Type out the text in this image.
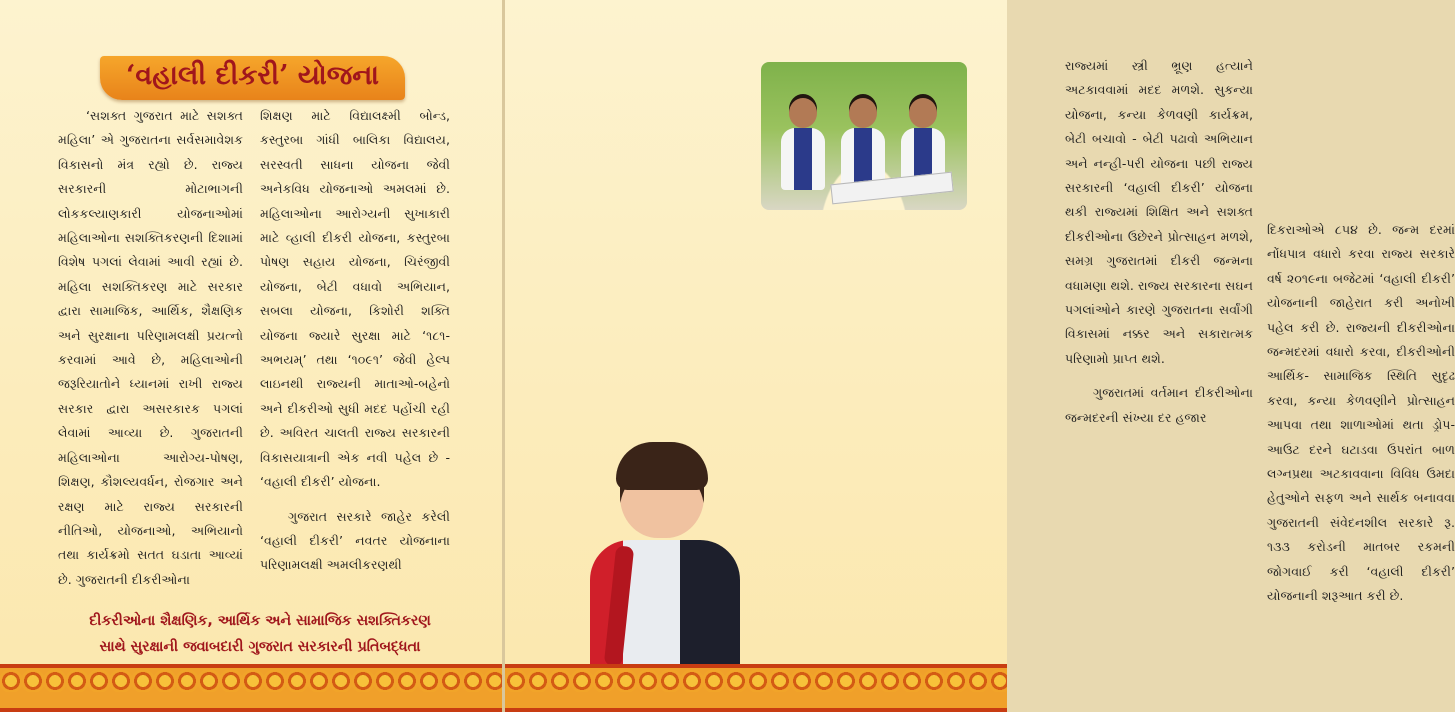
‘વહાલી દીકરી’ યોજના

‘સશક્ત ગુજરાત માટે સશક્ત મહિલા’ એ ગુજરાતના સર્વસમાવેશક વિકાસનો મંત્ર રહ્યો છે. રાજ્ય સરકારની મોટાભાગની લોકકલ્યાણકારી યોજનાઓમાં મહિલાઓના સશક્તિકરણની દિશામાં વિશેષ પગલાં લેવામાં આવી રહ્યાં છે. મહિલા સશક્તિકરણ માટે સરકાર દ્વારા સામાજિક, આર્થિક, શૈક્ષણિક અને સુરક્ષાના પરિણામલક્ષી પ્રયત્નો કરવામાં આવે છે, મહિલાઓની જરૂરિયાતોને ધ્યાનમાં રાખી રાજ્ય સરકાર દ્વારા અસરકારક પગલાં લેવામાં આવ્યા છે. ગુજરાતની મહિલાઓના આરોગ્ય-પોષણ, શિક્ષણ, કૌશલ્યવર્ધન, રોજગાર અને રક્ષણ માટે રાજ્ય સરકારની નીતિઓ, યોજનાઓ, અભિયાનો તથા કાર્યક્રમો સતત ઘડાતા આવ્યાં છે. ગુજરાતની દીકરીઓના

શિક્ષણ માટે વિદ્યાલક્ષ્મી બોન્ડ, કસ્તુરબા ગાંધી બાલિકા વિદ્યાલય, સરસ્વતી સાધના યોજના જેવી અનેકવિધ યોજનાઓ અમલમાં છે. મહિલાઓના આરોગ્યની સુખાકારી માટે વ્હાલી દીકરી યોજના, કસ્તુરબા પોષણ સહાય યોજના, ચિરંજીવી યોજના, બેટી વધાવો અભિયાન, સબલા યોજના, કિશોરી શક્તિ યોજના જ્યારે સુરક્ષા માટે ‘૧૮૧-અભયમ્’ તથા ‘૧૦૯૧’ જેવી હેલ્પ લાઇનથી રાજ્યની માતાઓ-બહેનો અને દીકરીઓ સુધી મદદ પહોંચી રહી છે. અવિરત ચાલતી રાજ્ય સરકારની વિકાસયાત્રાની એક નવી પહેલ છે - ‘વહાલી દીકરી’ યોજના.

ગુજરાત સરકારે જાહેર કરેલી ‘વહાલી દીકરી’ નવતર યોજનાના પરિણામલક્ષી અમલીકરણથી

દીકરીઓના શૈક્ષણિક, આર્થિક અને સામાજિક સશક્તિકરણ
સાથે સુરક્ષાની જવાબદારી ગુજરાત સરકારની પ્રતિબદ્ધતા

રાજ્યમાં સ્ત્રી ભ્રૂણ હત્યાને અટકાવવામાં મદદ મળશે. સુકન્યા યોજના, કન્યા કેળવણી કાર્યક્રમ, બેટી બચાવો - બેટી પઢાવો અભિયાન અને નન્હી-પરી યોજના પછી રાજ્ય સરકારની ‘વહાલી દીકરી’ યોજના થકી રાજ્યમાં શિક્ષિત અને સશક્ત દીકરીઓના ઉછેરને પ્રોત્સાહન મળશે, સમગ્ર ગુજરાતમાં દીકરી જન્મના વધામણા થશે. રાજ્ય સરકારના સઘન પગલાંઓને કારણે ગુજરાતના સર્વાંગી વિકાસમાં નક્કર અને સકારાત્મક પરિણામો પ્રાપ્ત થશે.

ગુજરાતમાં વર્તમાન દીકરીઓના જન્મદરની સંખ્યા દર હજાર

દિકરાઓએ ૮૫૪ છે. જન્મ દરમાં નોંધપાત્ર વધારો કરવા રાજ્ય સરકારે વર્ષ ૨૦૧૯ના બજેટમાં ‘વહાલી દીકરી’ યોજનાની જાહેરાત કરી અનોખી પહેલ કરી છે. રાજ્યની દીકરીઓના જન્મદરમાં વધારો કરવા, દીકરીઓની આર્થિક- સામાજિક સ્થિતિ સુદૃઢ કરવા, કન્યા કેળવણીને પ્રોત્સાહન આપવા તથા શાળાઓમાં થતા ડ્રોપ-આઉટ દરને ઘટાડવા ઉપરાંત બાળ લગ્નપ્રથા અટકાવવાના વિવિધ ઉમદા હેતુઓને સફળ અને સાર્થક બનાવવા ગુજરાતની સંવેદનશીલ સરકારે રૂ. ૧૩૩ કરોડની માતબર રકમની જોગવાઈ કરી ‘વહાલી દીકરી’ યોજનાની શરૂઆત કરી છે.
